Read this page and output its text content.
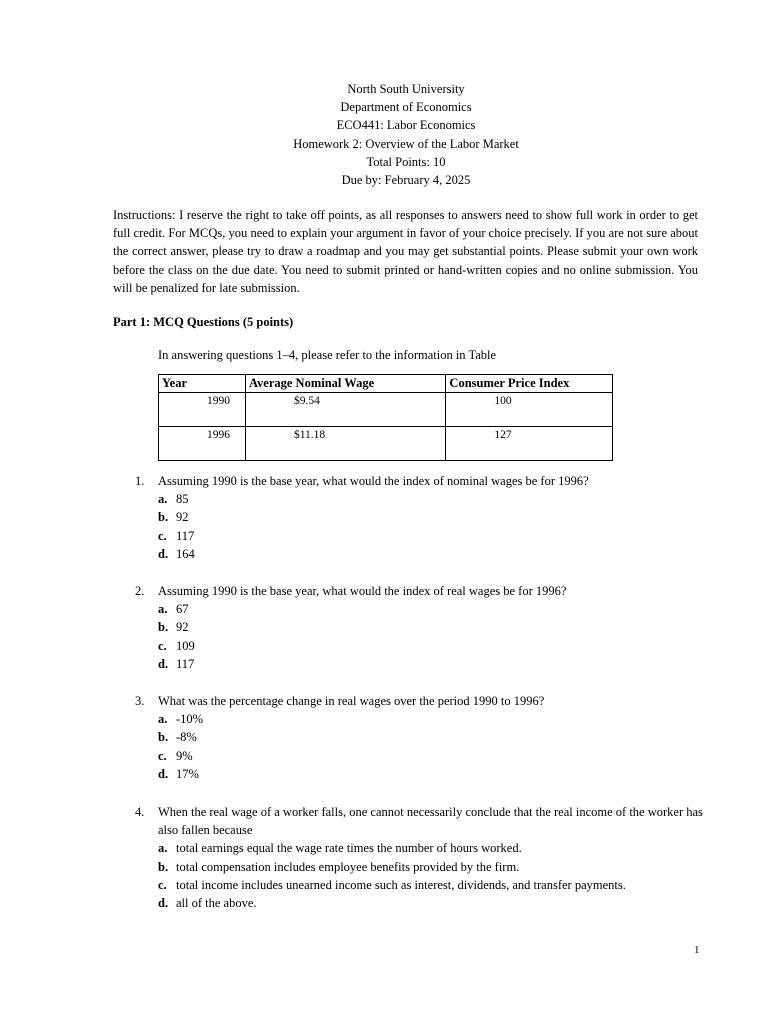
North South University
Department of Economics
ECO441: Labor Economics
Homework 2: Overview of the Labor Market
Total Points: 10
Due by: February 4, 2025
Instructions: I reserve the right to take off points, as all responses to answers need to show full work in order to get full credit. For MCQs, you need to explain your argument in favor of your choice precisely. If you are not sure about the correct answer, please try to draw a roadmap and you may get substantial points. Please submit your own work before the class on the due date. You need to submit printed or hand-written copies and no online submission. You will be penalized for late submission.
Part 1: MCQ Questions (5 points)
In answering questions 1–4, please refer to the information in Table
Year	Average Nominal Wage	Consumer Price Index
1990	$9.54	100
1996	$11.18	127
1. Assuming 1990 is the base year, what would the index of nominal wages be for 1996?
a. 85
b. 92
c. 117
d. 164
2. Assuming 1990 is the base year, what would the index of real wages be for 1996?
a. 67
b. 92
c. 109
d. 117
3. What was the percentage change in real wages over the period 1990 to 1996?
a. -10%
b. -8%
c. 9%
d. 17%
4. When the real wage of a worker falls, one cannot necessarily conclude that the real income of the worker has also fallen because
a. total earnings equal the wage rate times the number of hours worked.
b. total compensation includes employee benefits provided by the firm.
c. total income includes unearned income such as interest, dividends, and transfer payments.
d. all of the above.
1
